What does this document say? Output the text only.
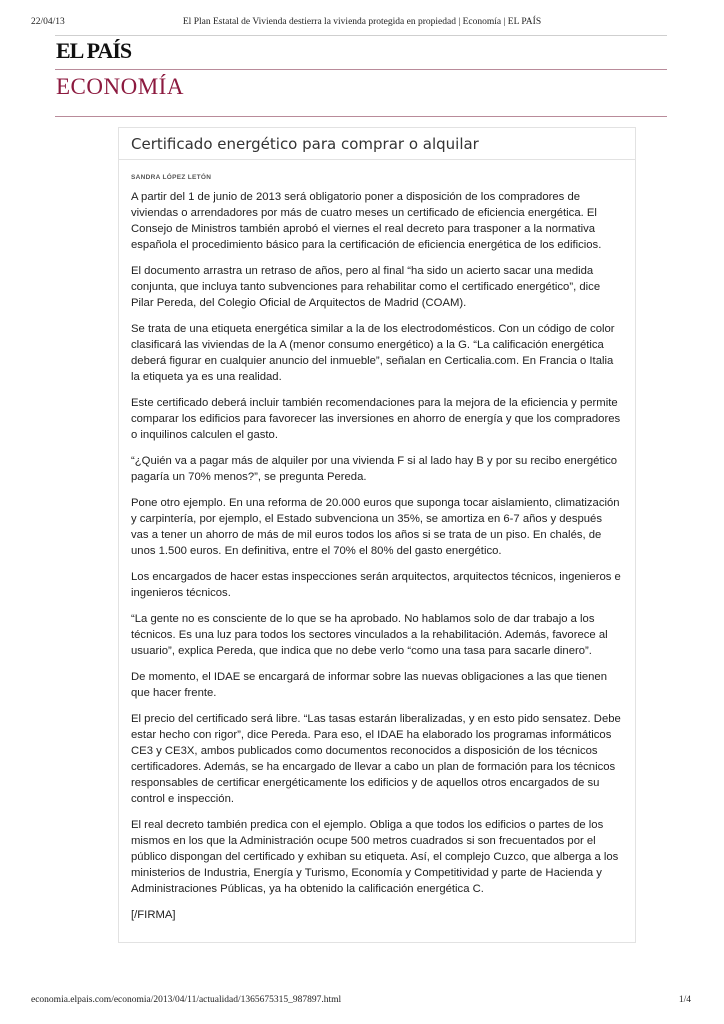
22/04/13	El Plan Estatal de Vivienda destierra la vivienda protegida en propiedad | Economía | EL PAÍS
EL PAÍS
ECONOMÍA
Certificado energético para comprar o alquilar
SANDRA LÓPEZ LETÓN

A partir del 1 de junio de 2013 será obligatorio poner a disposición de los compradores de viviendas o arrendadores por más de cuatro meses un certificado de eficiencia energética. El Consejo de Ministros también aprobó el viernes el real decreto para trasponer a la normativa española el procedimiento básico para la certificación de eficiencia energética de los edificios.

El documento arrastra un retraso de años, pero al final “ha sido un acierto sacar una medida conjunta, que incluya tanto subvenciones para rehabilitar como el certificado energético”, dice Pilar Pereda, del Colegio Oficial de Arquitectos de Madrid (COAM).

Se trata de una etiqueta energética similar a la de los electrodomésticos. Con un código de color clasificará las viviendas de la A (menor consumo energético) a la G. “La calificación energética deberá figurar en cualquier anuncio del inmueble”, señalan en Certicalia.com. En Francia o Italia la etiqueta ya es una realidad.

Este certificado deberá incluir también recomendaciones para la mejora de la eficiencia y permite comparar los edificios para favorecer las inversiones en ahorro de energía y que los compradores o inquilinos calculen el gasto.

“¿Quién va a pagar más de alquiler por una vivienda F si al lado hay B y por su recibo energético pagaría un 70% menos?”, se pregunta Pereda.

Pone otro ejemplo. En una reforma de 20.000 euros que suponga tocar aislamiento, climatización y carpintería, por ejemplo, el Estado subvenciona un 35%, se amortiza en 6-7 años y después vas a tener un ahorro de más de mil euros todos los años si se trata de un piso. En chalés, de unos 1.500 euros. En definitiva, entre el 70% el 80% del gasto energético.

Los encargados de hacer estas inspecciones serán arquitectos, arquitectos técnicos, ingenieros e ingenieros técnicos.

“La gente no es consciente de lo que se ha aprobado. No hablamos solo de dar trabajo a los técnicos. Es una luz para todos los sectores vinculados a la rehabilitación. Además, favorece al usuario”, explica Pereda, que indica que no debe verlo “como una tasa para sacarle dinero”.

De momento, el IDAE se encargará de informar sobre las nuevas obligaciones a las que tienen que hacer frente.

El precio del certificado será libre. “Las tasas estarán liberalizadas, y en esto pido sensatez. Debe estar hecho con rigor”, dice Pereda. Para eso, el IDAE ha elaborado los programas informáticos CE3 y CE3X, ambos publicados como documentos reconocidos a disposición de los técnicos certificadores. Además, se ha encargado de llevar a cabo un plan de formación para los técnicos responsables de certificar energéticamente los edificios y de aquellos otros encargados de su control e inspección.

El real decreto también predica con el ejemplo. Obliga a que todos los edificios o partes de los mismos en los que la Administración ocupe 500 metros cuadrados si son frecuentados por el público dispongan del certificado y exhiban su etiqueta. Así, el complejo Cuzco, que alberga a los ministerios de Industria, Energía y Turismo, Economía y Competitividad y parte de Hacienda y Administraciones Públicas, ya ha obtenido la calificación energética C.

[/FIRMA]

economia.elpais.com/economia/2013/04/11/actualidad/1365675315_987897.html	1/4
